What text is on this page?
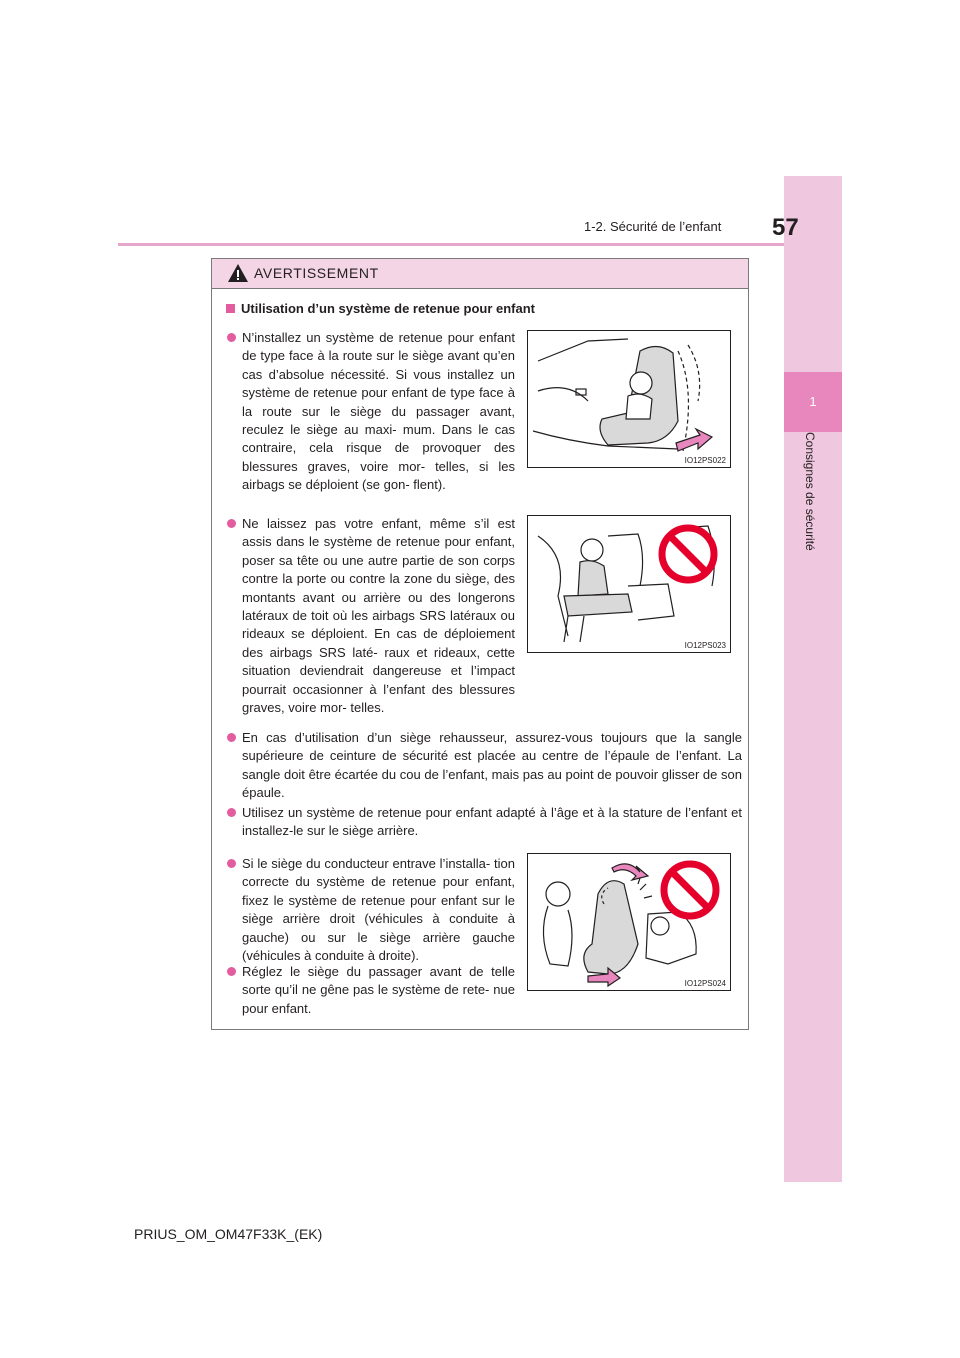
1
Consignes de sécurité
1-2. Sécurité de l’enfant	57
AVERTISSEMENT
Utilisation d’un système de retenue pour enfant
N’installez un système de retenue pour enfant de type face à la route sur le siège avant qu’en cas d’absolue nécessité. Si vous installez un système de retenue pour enfant de type face à la route sur le siège du passager avant, reculez le siège au maxi- mum. Dans le cas contraire, cela risque de provoquer des blessures graves, voire mor- telles, si les airbags se déploient (se gon- flent).
Ne laissez pas votre enfant, même s’il est assis dans le système de retenue pour enfant, poser sa tête ou une autre partie de son corps contre la porte ou contre la zone du siège, des montants avant ou arrière ou des longerons latéraux de toit où les airbags SRS latéraux ou rideaux se déploient. En cas de déploiement des airbags SRS laté- raux et rideaux, cette situation deviendrait dangereuse et l’impact pourrait occasionner à l’enfant des blessures graves, voire mor- telles.
En cas d’utilisation d’un siège rehausseur, assurez-vous toujours que la sangle supérieure de ceinture de sécurité est placée au centre de l’épaule de l’enfant. La sangle doit être écartée du cou de l’enfant, mais pas au point de pouvoir glisser de son épaule.
Utilisez un système de retenue pour enfant adapté à l’âge et à la stature de l’enfant et installez-le sur le siège arrière.
Si le siège du conducteur entrave l’installa- tion correcte du système de retenue pour enfant, fixez le système de retenue pour enfant sur le siège arrière droit (véhicules à conduite à gauche) ou sur le siège arrière gauche (véhicules à conduite à droite).
Réglez le siège du passager avant de telle sorte qu’il ne gêne pas le système de rete- nue pour enfant.
IO12PS022
IO12PS023
IO12PS024
PRIUS_OM_OM47F33K_(EK)
